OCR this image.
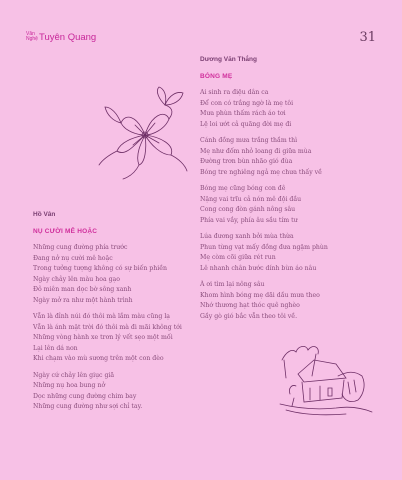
Văn
Nghệ Tuyên Quang	31
Dương Văn Thắng
BÓNG MẸ
Ai sinh ra điệu dân ca
Để con có trắng ngờ là mẹ tôi
Mưa phùn thấm rách áo tơi
Lệ loi ướt cả quãng đời mẹ đi
Cánh đồng mưa trắng thầm thì
Mẹ như đốm nhỏ loang đi giữa mùa
Đường trơn bùn nhão gió đùa
Bóng tre nghiêng ngả mẹ chưa thấy về
Bóng mẹ cũng bóng con đê
Nặng vai trĩu cả nón mê đội đầu
Cong cong đòn gánh nông sâu
Phía vai vắy, phía âu sầu tím tư
Lúa đương xanh bởi mùa thừa
Phun từng vạt mấy đồng đưa ngậm phùn
Mẹ còm cõi giữa rét run
Lê nhanh chân bước dính bùn áo nâu
À ơi tìm lại nông sâu
Khom hình bóng mẹ dãi dầu mưa theo
Nhớ thương hạt thóc quê nghèo
Gầy gò gió bắc vẫn theo tôi về.
Hồ Vân
NỤ CƯỜI MÊ HOẶC
Những cung đường phía trước
Đang nở nụ cười mê hoặc
Trong tưởng tượng không có sự biến phiền
Ngày chảy lên màu hoa gạo
Đỏ miên man dọc bờ sông xanh
Ngày mở ra như một hành trình
Vẫn là đỉnh núi đó thôi mà lắm màu cũng lạ
Vẫn là ánh mặt trời đó thôi mà đi mãi không tới
Những vòng hành xe trơn lý vết sẹo một mối
Lại lên dá non
Khi chạm vào mù sương trên một con đèo
Ngày cứ chảy lên giục giã
Những nụ hoa bung nở
Dọc những cung đường chim bay
Những cung đường như sợi chỉ tay.
